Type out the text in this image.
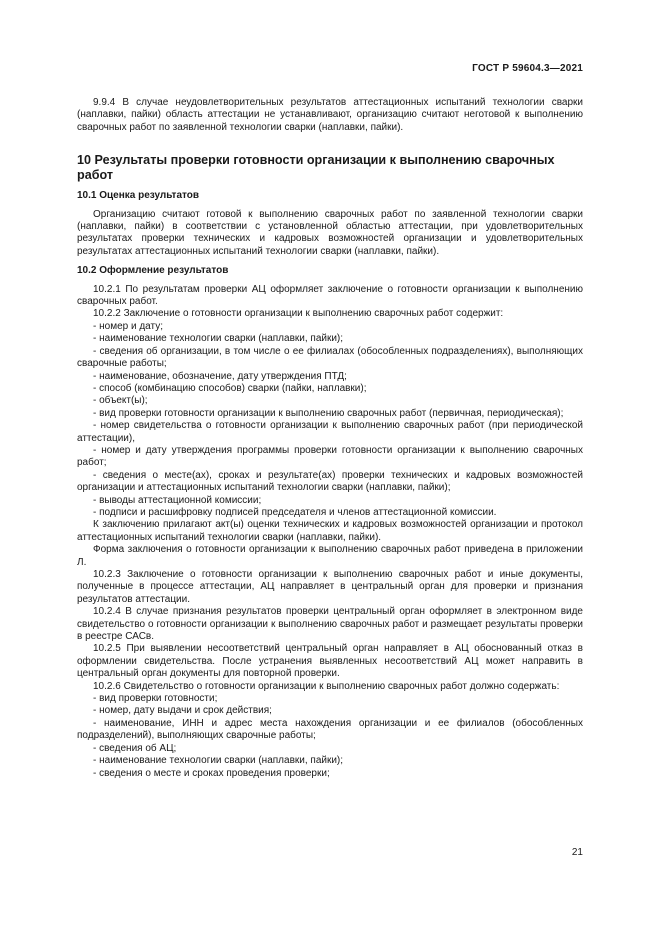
ГОСТ Р 59604.3—2021

9.9.4 В случае неудовлетворительных результатов аттестационных испытаний технологии сварки (наплавки, пайки) область аттестации не устанавливают, организацию считают неготовой к выполнению сварочных работ по заявленной технологии сварки (наплавки, пайки).

10 Результаты проверки готовности организации к выполнению сварочных работ

10.1 Оценка результатов

Организацию считают готовой к выполнению сварочных работ по заявленной технологии сварки (наплавки, пайки) в соответствии с установленной областью аттестации, при удовлетворительных результатах проверки технических и кадровых возможностей организации и удовлетворительных результатах аттестационных испытаний технологии сварки (наплавки, пайки).

10.2 Оформление результатов

10.2.1 По результатам проверки АЦ оформляет заключение о готовности организации к выполнению сварочных работ.

10.2.2 Заключение о готовности организации к выполнению сварочных работ содержит:

- номер и дату;

- наименование технологии сварки (наплавки, пайки);

- сведения об организации, в том числе о ее филиалах (обособленных подразделениях), выполняющих сварочные работы;

- наименование, обозначение, дату утверждения ПТД;

- способ (комбинацию способов) сварки (пайки, наплавки);

- объект(ы);

- вид проверки готовности организации к выполнению сварочных работ (первичная, периодическая);

- номер свидетельства о готовности организации к выполнению сварочных работ (при периодической аттестации),

- номер и дату утверждения программы проверки готовности организации к выполнению сварочных работ;

- сведения о месте(ах), сроках и результате(ах) проверки технических и кадровых возможностей организации и аттестационных испытаний технологии сварки (наплавки, пайки);

- выводы аттестационной комиссии;

- подписи и расшифровку подписей председателя и членов аттестационной комиссии.

К заключению прилагают акт(ы) оценки технических и кадровых возможностей организации и протокол аттестационных испытаний технологии сварки (наплавки, пайки).

Форма заключения о готовности организации к выполнению сварочных работ приведена в приложении Л.

10.2.3 Заключение о готовности организации к выполнению сварочных работ и иные документы, полученные в процессе аттестации, АЦ направляет в центральный орган для проверки и признания результатов аттестации.

10.2.4 В случае признания результатов проверки центральный орган оформляет в электронном виде свидетельство о готовности организации к выполнению сварочных работ и размещает результаты проверки в реестре САСв.

10.2.5 При выявлении несоответствий центральный орган направляет в АЦ обоснованный отказ в оформлении свидетельства. После устранения выявленных несоответствий АЦ может направить в центральный орган документы для повторной проверки.

10.2.6 Свидетельство о готовности организации к выполнению сварочных работ должно содержать:

- вид проверки готовности;

- номер, дату выдачи и срок действия;

- наименование, ИНН и адрес места нахождения организации и ее филиалов (обособленных подразделений), выполняющих сварочные работы;

- сведения об АЦ;

- наименование технологии сварки (наплавки, пайки);

- сведения о месте и сроках проведения проверки;

21
